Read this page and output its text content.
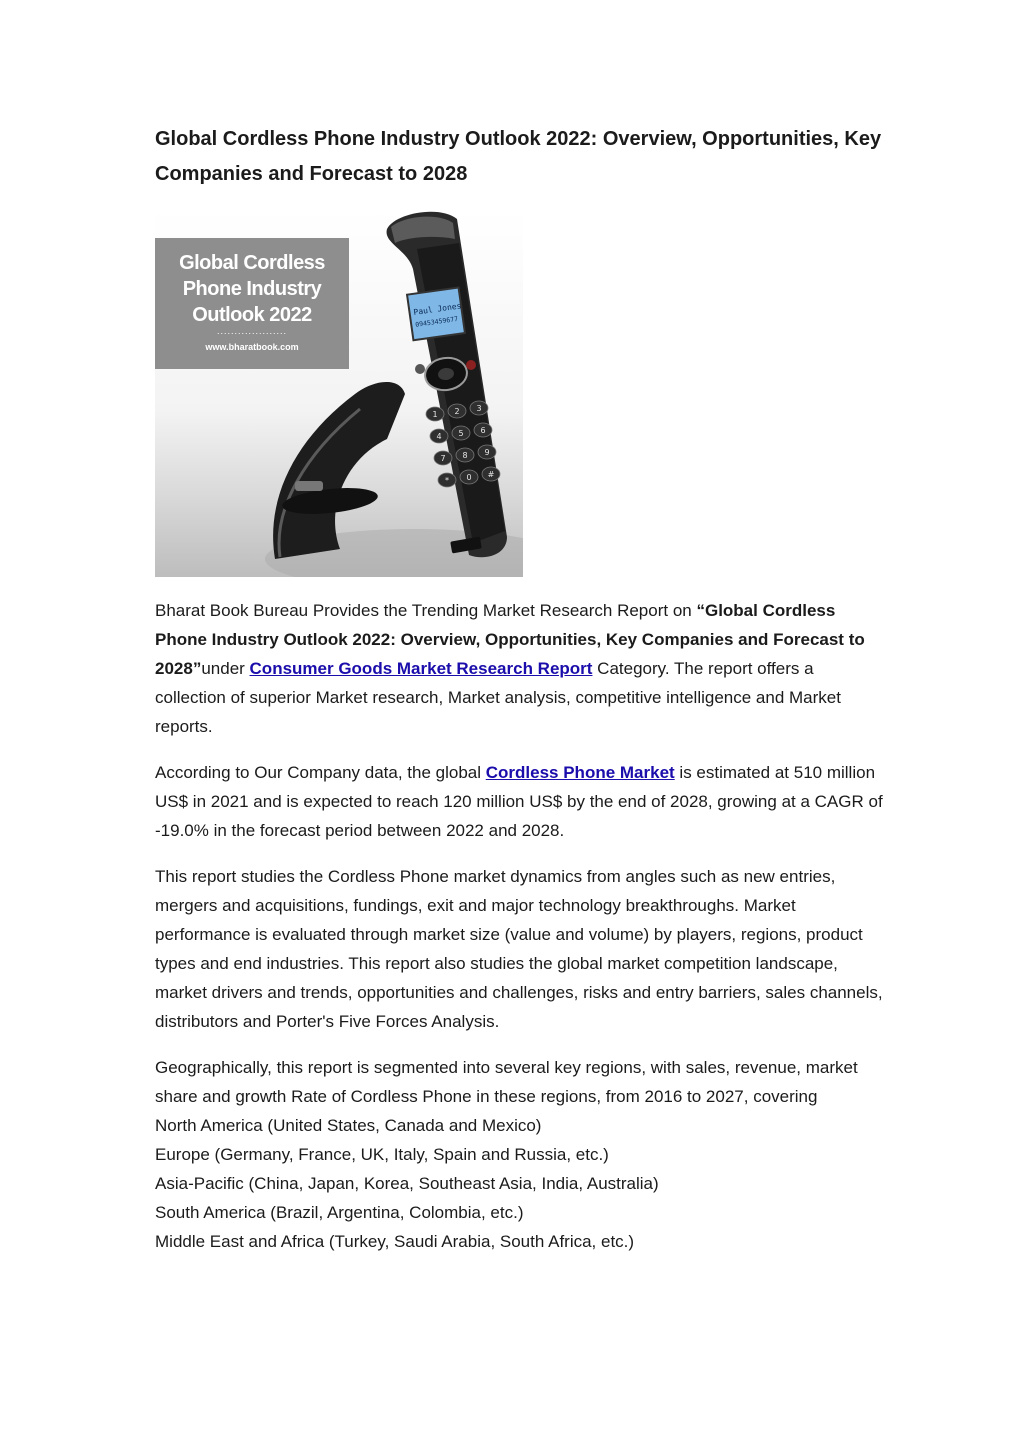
Global Cordless Phone Industry Outlook 2022: Overview, Opportunities, Key Companies and Forecast to 2028
Paul Jones
09453459677
1 2 3
4 5 6
7 8 9
* 0 #
Global Cordless Phone Industry Outlook 2022
....................
www.bharatbook.com

Bharat Book Bureau Provides the Trending Market Research Report on “Global Cordless Phone Industry Outlook 2022: Overview, Opportunities, Key Companies and Forecast to 2028”under Consumer Goods Market Research Report Category. The report offers a collection of superior Market research, Market analysis, competitive intelligence and Market reports.

According to Our Company data, the global Cordless Phone Market is estimated at 510 million US$ in 2021 and is expected to reach 120 million US$ by the end of 2028, growing at a CAGR of -19.0% in the forecast period between 2022 and 2028.

This report studies the Cordless Phone market dynamics from angles such as new entries, mergers and acquisitions, fundings, exit and major technology breakthroughs. Market performance is evaluated through market size (value and volume) by players, regions, product types and end industries. This report also studies the global market competition landscape, market drivers and trends, opportunities and challenges, risks and entry barriers, sales channels, distributors and Porter's Five Forces Analysis.

Geographically, this report is segmented into several key regions, with sales, revenue, market share and growth Rate of Cordless Phone in these regions, from 2016 to 2027, covering
North America (United States, Canada and Mexico)
Europe (Germany, France, UK, Italy, Spain and Russia, etc.)
Asia-Pacific (China, Japan, Korea, Southeast Asia, India, Australia)
South America (Brazil, Argentina, Colombia, etc.)
Middle East and Africa (Turkey, Saudi Arabia, South Africa, etc.)
